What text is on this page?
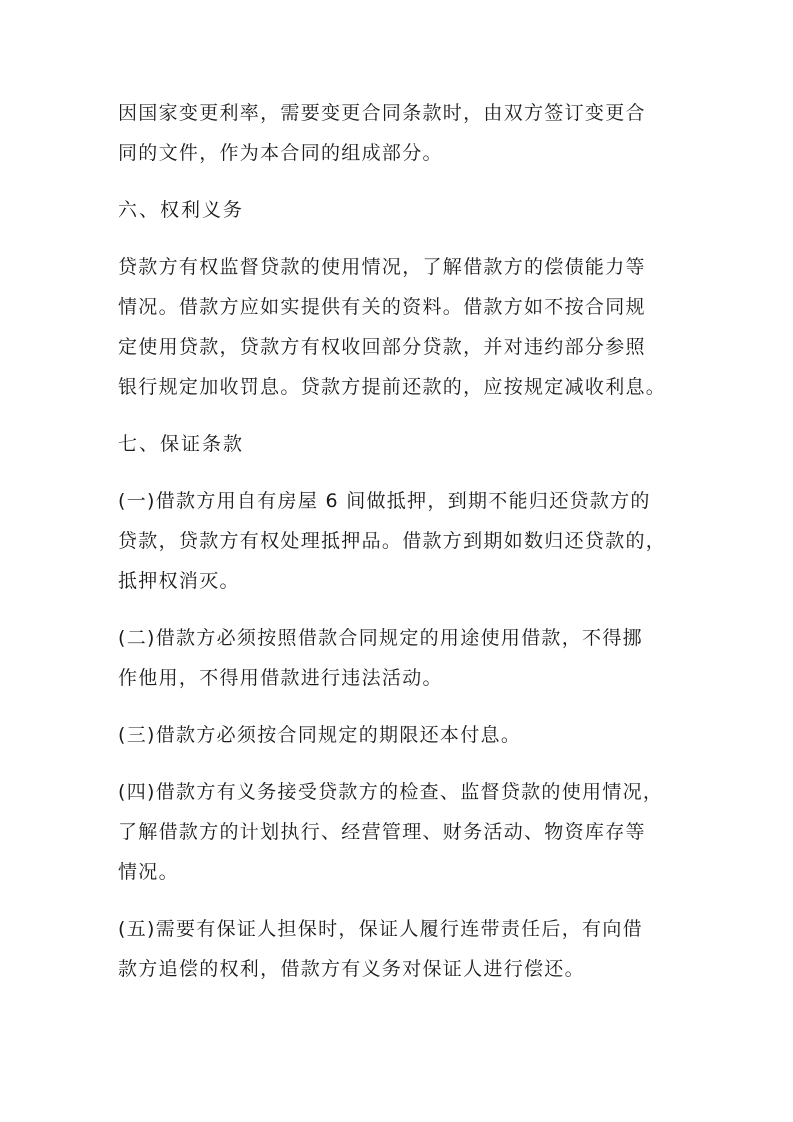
因国家变更利率，需要变更合同条款时，由双方签订变更合
同的文件，作为本合同的组成部分。

六、权利义务

贷款方有权监督贷款的使用情况，了解借款方的偿债能力等
情况。借款方应如实提供有关的资料。借款方如不按合同规
定使用贷款，贷款方有权收回部分贷款，并对违约部分参照
银行规定加收罚息。贷款方提前还款的，应按规定减收利息。

七、保证条款

(一)借款方用自有房屋 6 间做抵押，到期不能归还贷款方的
贷款，贷款方有权处理抵押品。借款方到期如数归还贷款的，
抵押权消灭。

(二)借款方必须按照借款合同规定的用途使用借款，不得挪
作他用，不得用借款进行违法活动。

(三)借款方必须按合同规定的期限还本付息。

(四)借款方有义务接受贷款方的检查、监督贷款的使用情况，
了解借款方的计划执行、经营管理、财务活动、物资库存等
情况。

(五)需要有保证人担保时，保证人履行连带责任后，有向借
款方追偿的权利，借款方有义务对保证人进行偿还。
